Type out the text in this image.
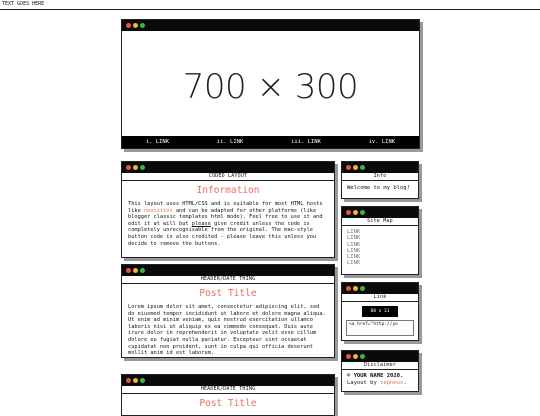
TEXT GOES HERE
700 × 300
i. LINK	ii. LINK	iii. LINK	iv. LINK
CODED LAYOUT
Information
This layout uses HTML/CSS and is suitable for most HTML hosts like neocities and can be adapted for other platforms (like blogger classic templates html mode). Feel free to use it and edit it at will but please give credit unless the code is completely unrecognisable from the original. The mac-style button code is also credited - please leave this unless you decide to remove the buttons.
HEADER/DATE THING
Post Title
Lorem ipsum dolor sit amet, consectetur adipiscing elit, sed do eiusmod tempor incididunt ut labore et dolore magna aliqua. Ut enim ad minim veniam, quis nostrud exercitation ullamco laboris nisi ut aliquip ex ea commodo consequat. Duis aute irure dolor in reprehenderit in voluptate velit esse cillum dolore eu fugiat nulla pariatur. Excepteur sint occaecat cupidatat non proident, sunt in culpa qui officia deserunt mollit anim id est laborum.
HEADER/DATE THING
Post Title
Info
Welcome to my blog!
Site Map
LINK
LINK
LINK
LINK
LINK
LINK
Link
88 x 31
<a href="http://yo
Disclaimer
© YOUR NAME 2020.
Layout by cepheus.
